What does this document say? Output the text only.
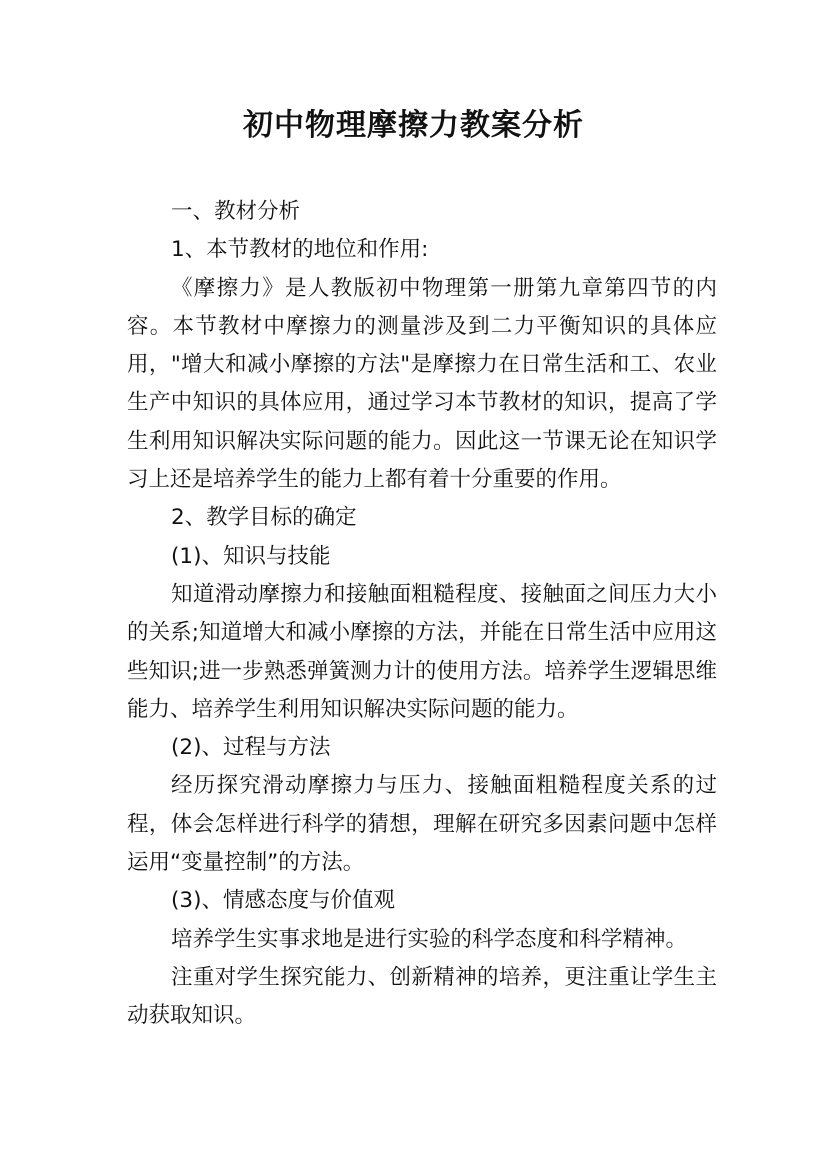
初中物理摩擦力教案分析

一、教材分析

1、本节教材的地位和作用:

《摩擦力》是人教版初中物理第一册第九章第四节的内容。本节教材中摩擦力的测量涉及到二力平衡知识的具体应用，"增大和减小摩擦的方法"是摩擦力在日常生活和工、农业生产中知识的具体应用，通过学习本节教材的知识，提高了学生利用知识解决实际问题的能力。因此这一节课无论在知识学习上还是培养学生的能力上都有着十分重要的作用。

2、教学目标的确定

(1)、知识与技能

知道滑动摩擦力和接触面粗糙程度、接触面之间压力大小的关系;知道增大和减小摩擦的方法，并能在日常生活中应用这些知识;进一步熟悉弹簧测力计的使用方法。培养学生逻辑思维能力、培养学生利用知识解决实际问题的能力。

(2)、过程与方法

经历探究滑动摩擦力与压力、接触面粗糙程度关系的过程，体会怎样进行科学的猜想，理解在研究多因素问题中怎样运用“变量控制”的方法。

(3)、情感态度与价值观

培养学生实事求地是进行实验的科学态度和科学精神。

注重对学生探究能力、创新精神的培养，更注重让学生主动获取知识。
